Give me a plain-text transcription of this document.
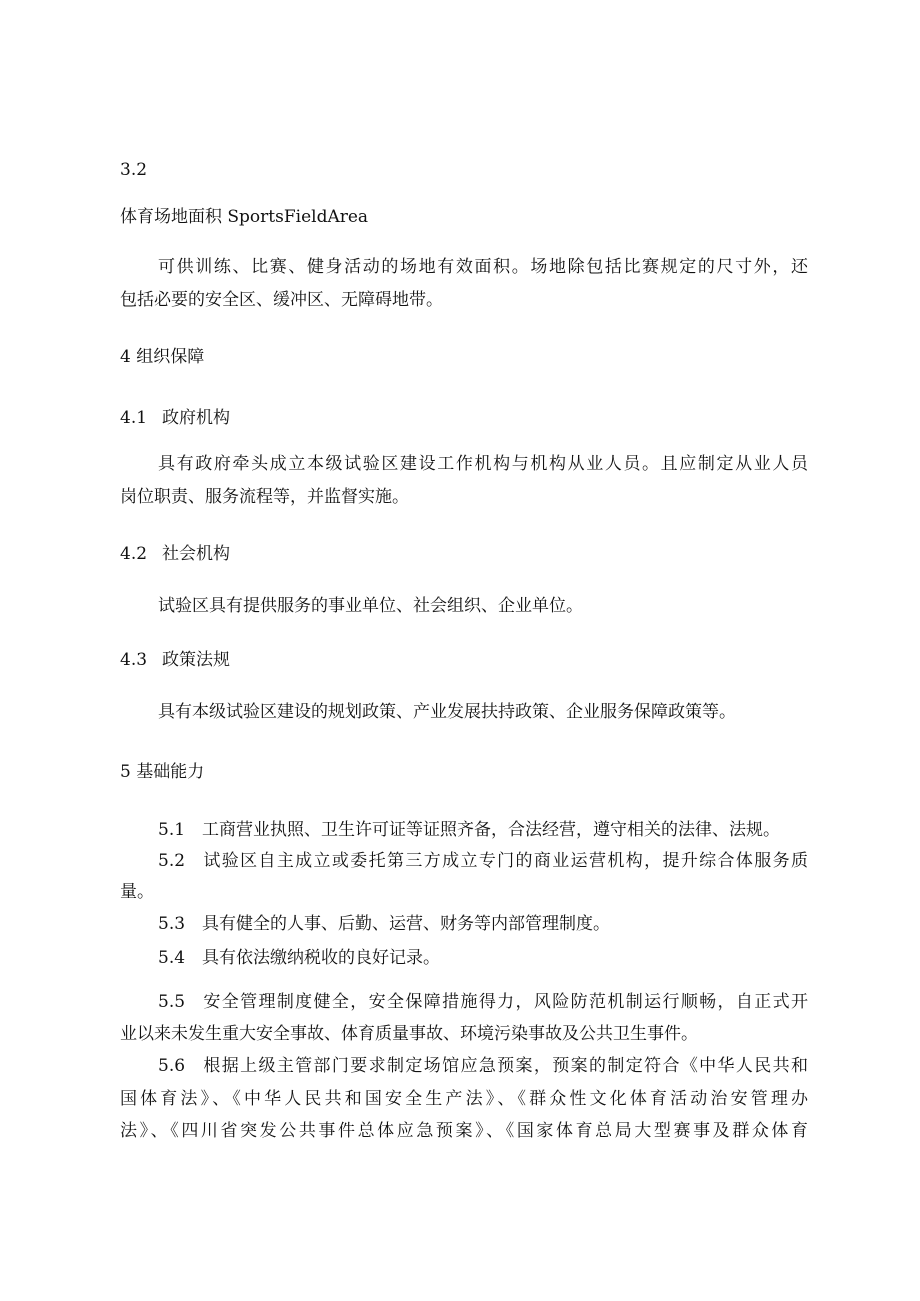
3.2
体育场地面积 SportsFieldArea
可供训练、比赛、健身活动的场地有效面积。场地除包括比赛规定的尺寸外，还
包括必要的安全区、缓冲区、无障碍地带。
4 组织保障
4.1 政府机构
具有政府牵头成立本级试验区建设工作机构与机构从业人员。且应制定从业人员
岗位职责、服务流程等，并监督实施。
4.2 社会机构
试验区具有提供服务的事业单位、社会组织、企业单位。
4.3 政策法规
具有本级试验区建设的规划政策、产业发展扶持政策、企业服务保障政策等。
5 基础能力
5.1 工商营业执照、卫生许可证等证照齐备，合法经营，遵守相关的法律、法规。
5.2 试验区自主成立或委托第三方成立专门的商业运营机构，提升综合体服务质
量。
5.3 具有健全的人事、后勤、运营、财务等内部管理制度。
5.4 具有依法缴纳税收的良好记录。
5.5 安全管理制度健全，安全保障措施得力，风险防范机制运行顺畅，自正式开
业以来未发生重大安全事故、体育质量事故、环境污染事故及公共卫生事件。
5.6 根据上级主管部门要求制定场馆应急预案，预案的制定符合《中华人民共和
国体育法》、《中华人民共和国安全生产法》、《群众性文化体育活动治安管理办
法》、《四川省突发公共事件总体应急预案》、《国家体育总局大型赛事及群众体育
